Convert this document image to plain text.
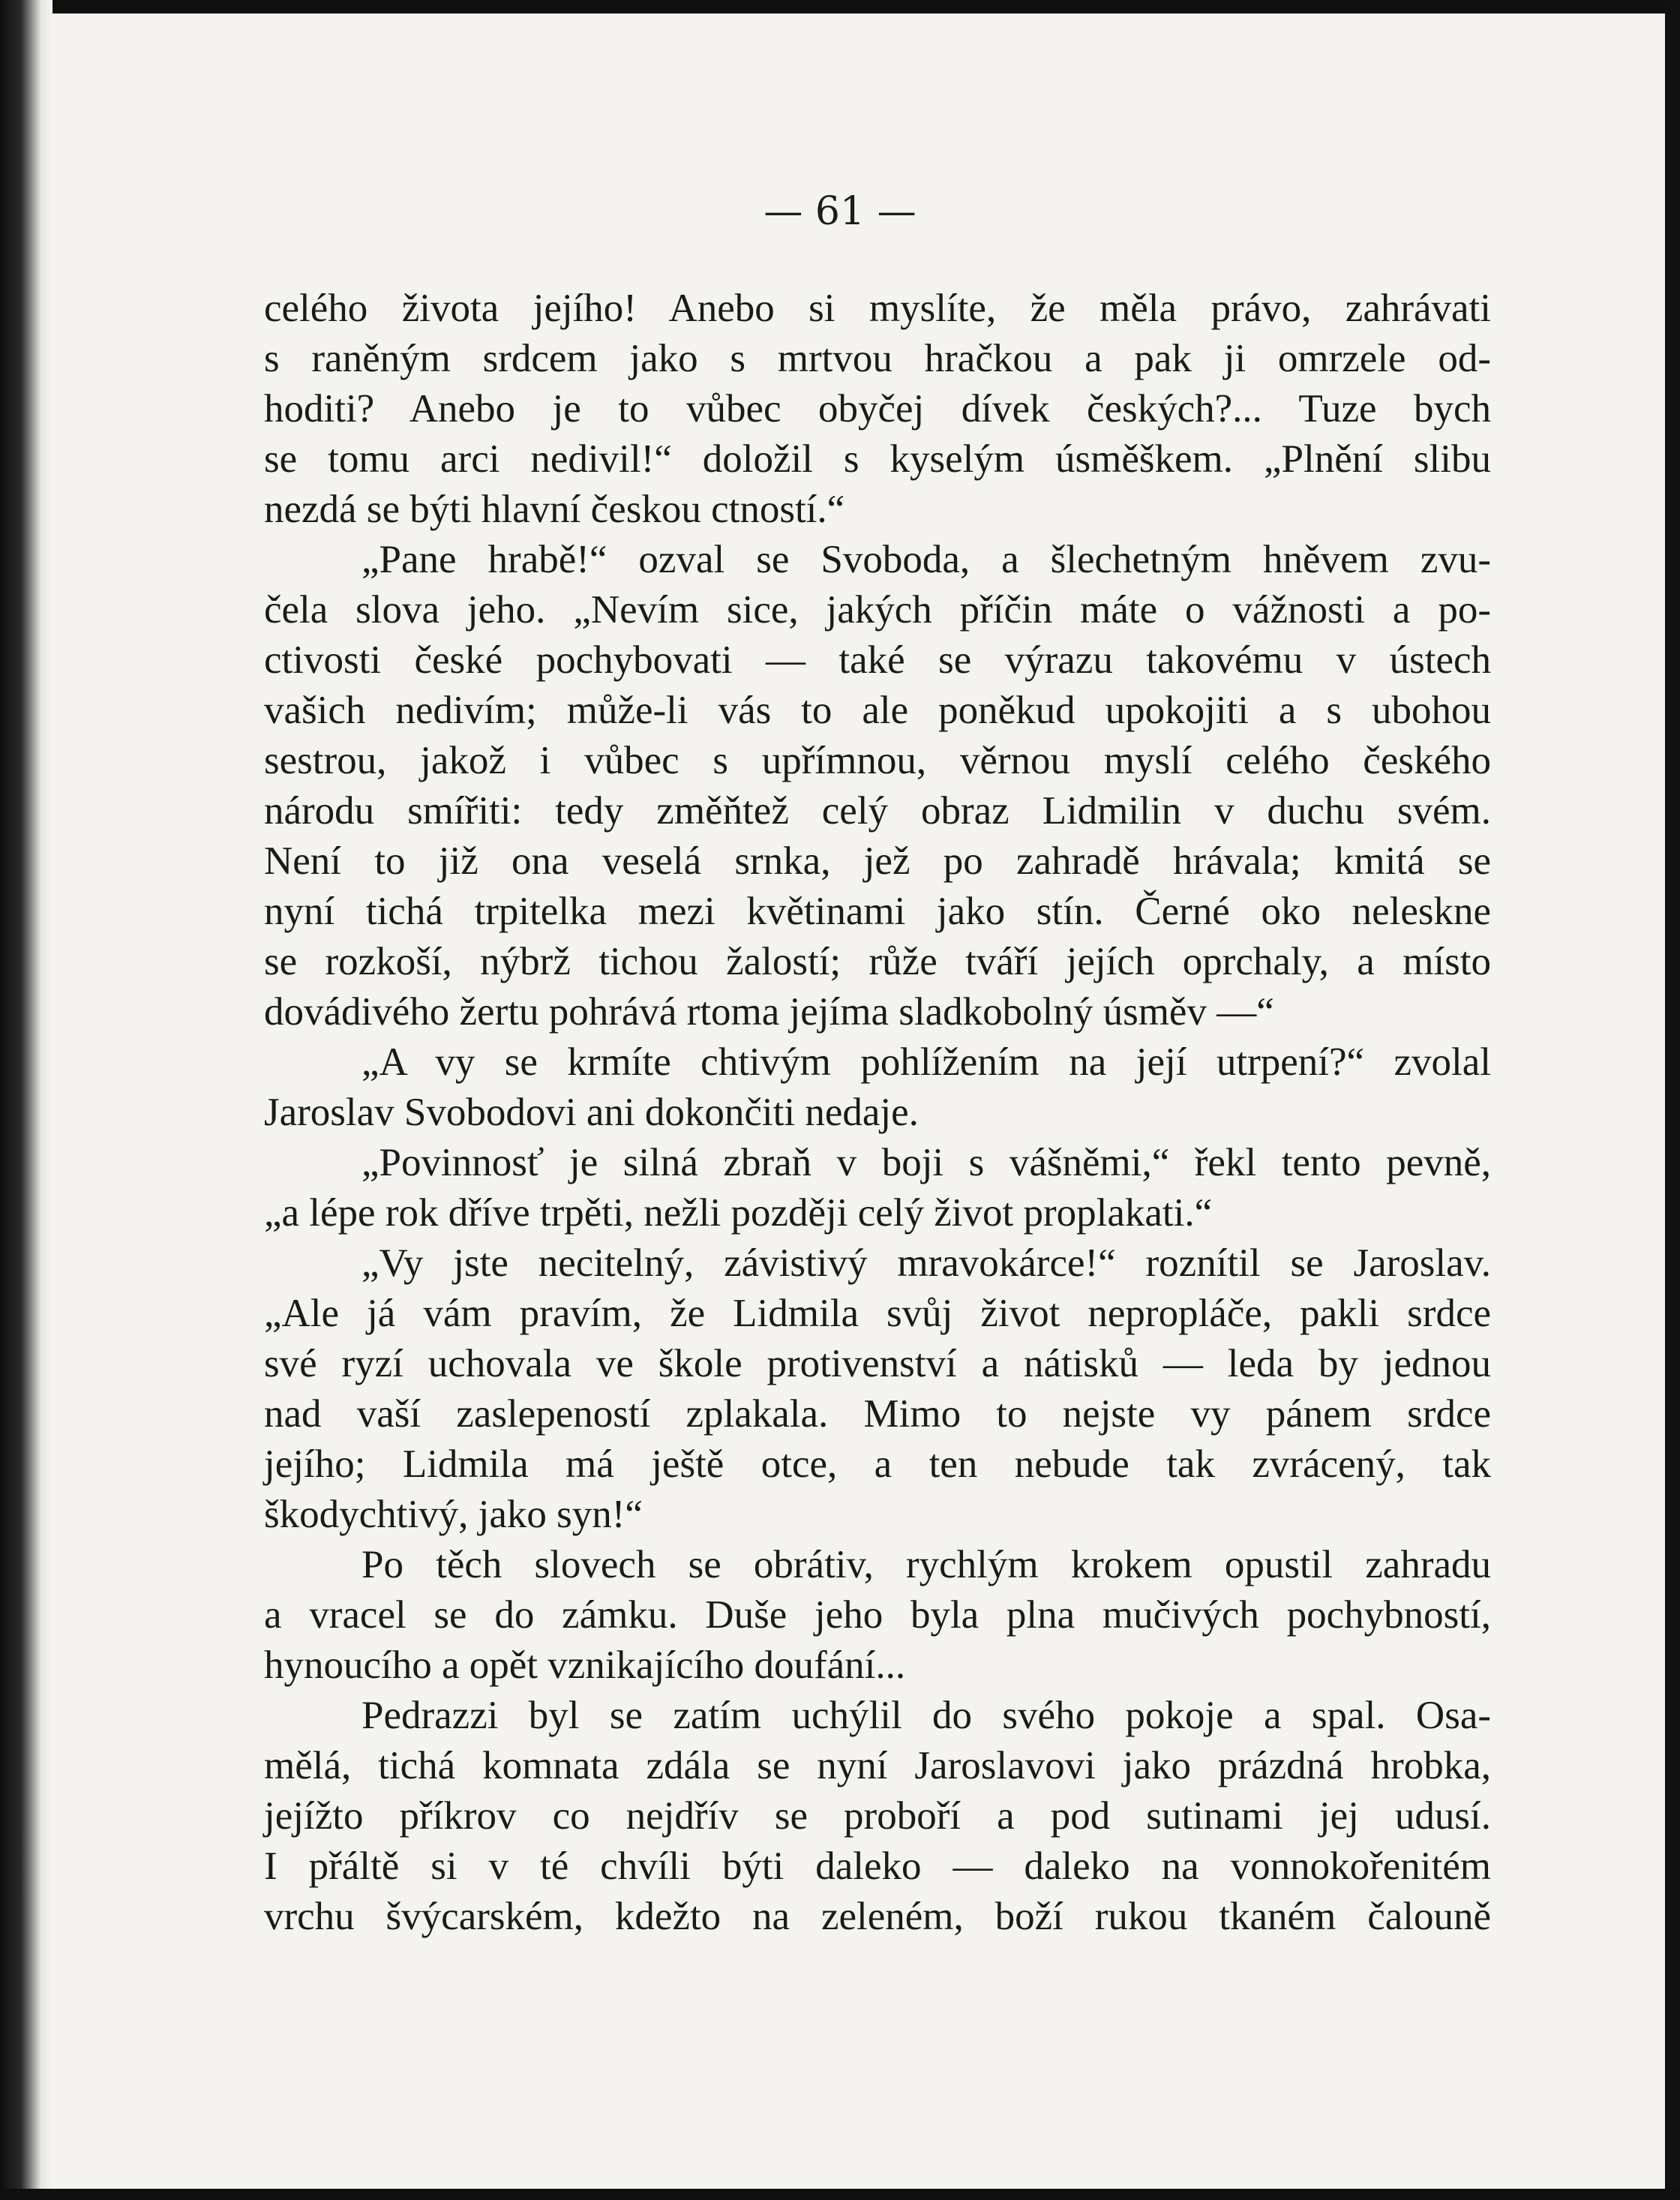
— 61 —
celého života jejího! Anebo si myslíte, že měla právo, zahrávati
s raněným srdcem jako s mrtvou hračkou a pak ji omrzele od-
hoditi? Anebo je to vůbec obyčej dívek českých?... Tuze bych
se tomu arci nedivil!“ doložil s kyselým úsměškem. „Plnění slibu
nezdá se býti hlavní českou ctností.“
„Pane hrabě!“ ozval se Svoboda, a šlechetným hněvem zvu-
čela slova jeho. „Nevím sice, jakých příčin máte o vážnosti a po-
ctivosti české pochybovati — také se výrazu takovému v ústech
vašich nedivím; může-li vás to ale poněkud upokojiti a s ubohou
sestrou, jakož i vůbec s upřímnou, věrnou myslí celého českého
národu smířiti: tedy změňtež celý obraz Lidmilin v duchu svém.
Není to již ona veselá srnka, jež po zahradě hrávala; kmitá se
nyní tichá trpitelka mezi květinami jako stín. Černé oko neleskne
se rozkoší, nýbrž tichou žalostí; růže tváří jejích oprchaly, a místo
dovádivého žertu pohrává rtoma jejíma sladkobolný úsměv —“
„A vy se krmíte chtivým pohlížením na její utrpení?“ zvolal
Jaroslav Svobodovi ani dokončiti nedaje.
„Povinnosť je silná zbraň v boji s vášněmi,“ řekl tento pevně,
„a lépe rok dříve trpěti, nežli později celý život proplakati.“
„Vy jste necitelný, závistivý mravokárce!“ roznítil se Jaroslav.
„Ale já vám pravím, že Lidmila svůj život nepropláče, pakli srdce
své ryzí uchovala ve škole protivenství a nátisků — leda by jednou
nad vaší zaslepeností zplakala. Mimo to nejste vy pánem srdce
jejího; Lidmila má ještě otce, a ten nebude tak zvrácený, tak
škodychtivý, jako syn!“
Po těch slovech se obrátiv, rychlým krokem opustil zahradu
a vracel se do zámku. Duše jeho byla plna mučivých pochybností,
hynoucího a opět vznikajícího doufání...
Pedrazzi byl se zatím uchýlil do svého pokoje a spal. Osa-
mělá, tichá komnata zdála se nyní Jaroslavovi jako prázdná hrobka,
jejížto příkrov co nejdřív se proboří a pod sutinami jej udusí.
I přáltě si v té chvíli býti daleko — daleko na vonnokořenitém
vrchu švýcarském, kdežto na zeleném, boží rukou tkaném čalouně
